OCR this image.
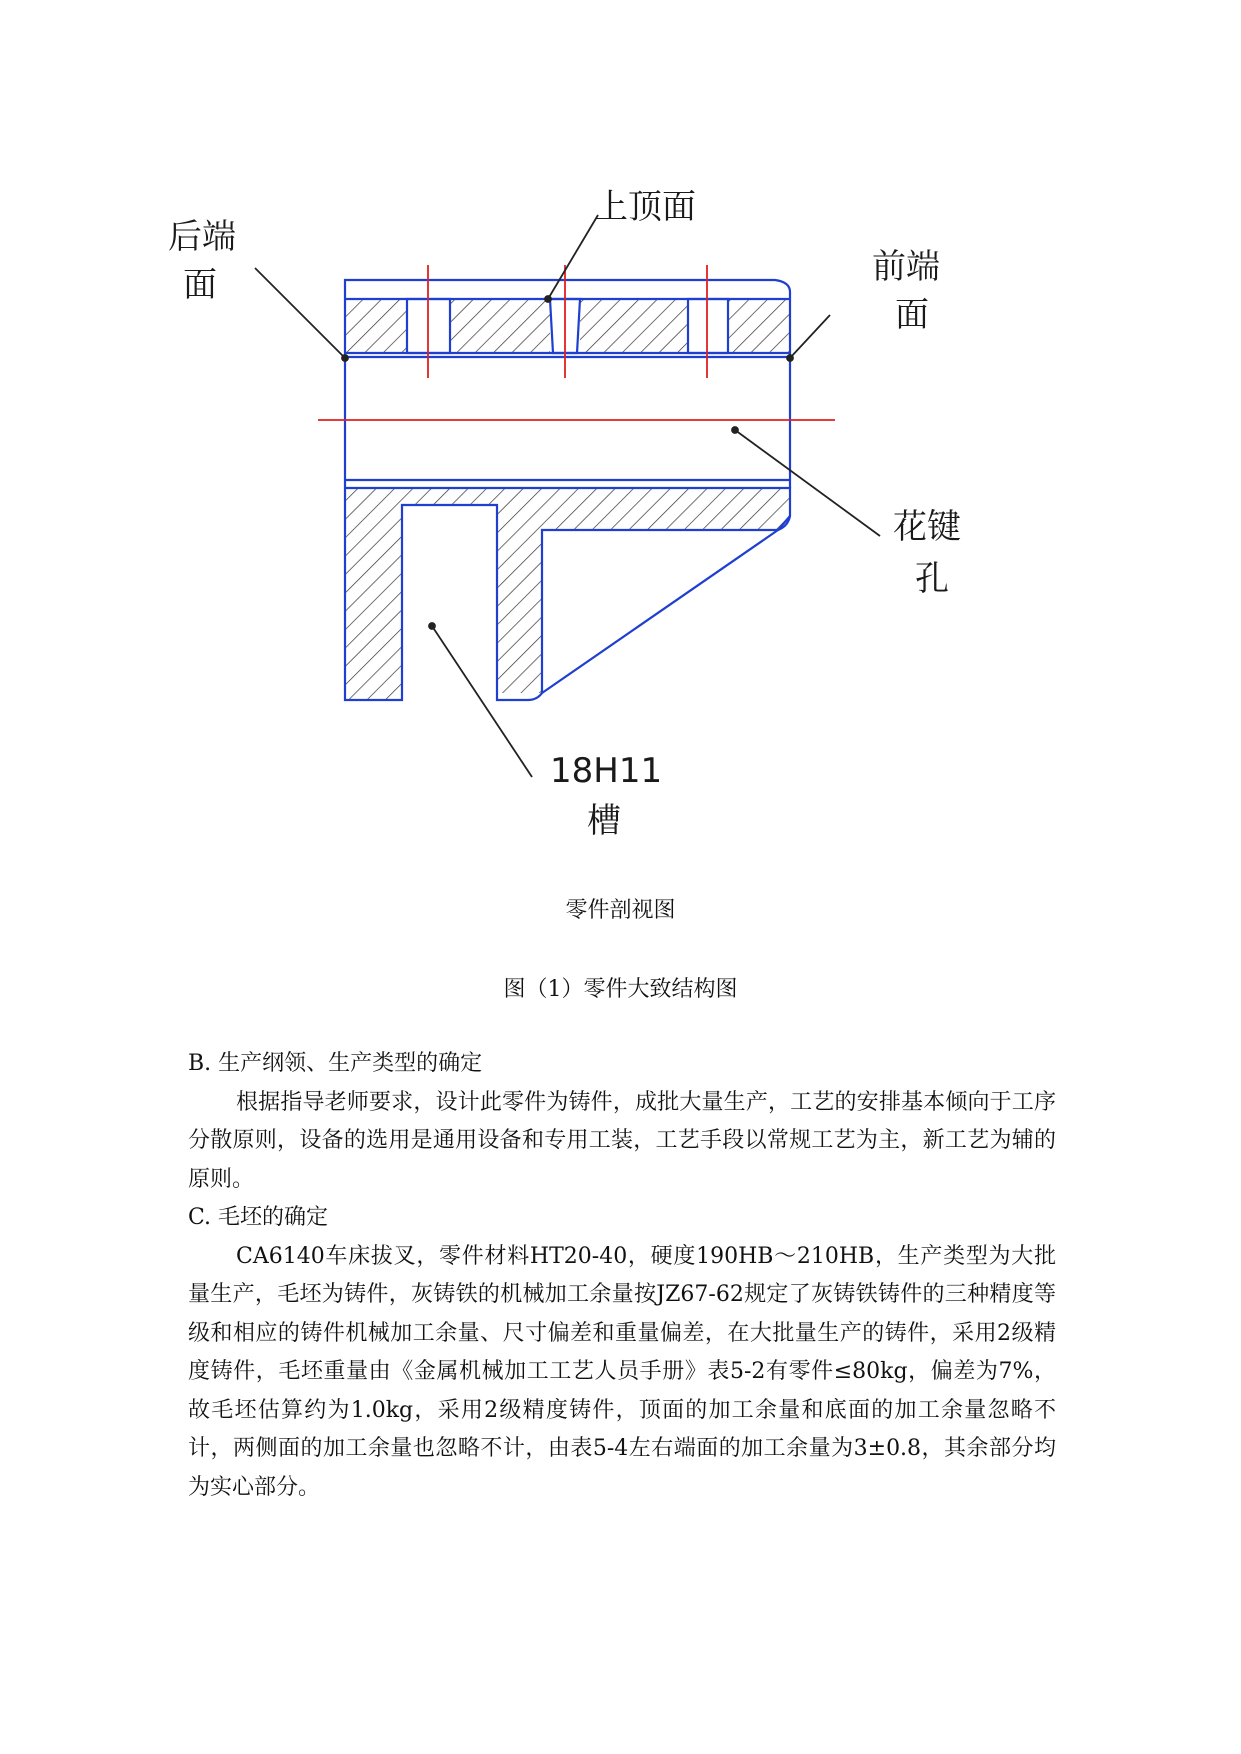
后端
面
上顶面
前端
面
花键
孔
18H11
槽
零件剖视图
图（1）零件大致结构图

B. 生产纲领、生产类型的确定

根据指导老师要求，设计此零件为铸件，成批大量生产，工艺的安排基本倾向于工序分散原则，设备的选用是通用设备和专用工装，工艺手段以常规工艺为主，新工艺为辅的原则。

C. 毛坯的确定

CA6140车床拔叉，零件材料HT20-40，硬度190HB～210HB，生产类型为大批量生产，毛坯为铸件，灰铸铁的机械加工余量按JZ67-62规定了灰铸铁铸件的三种精度等级和相应的铸件机械加工余量、尺寸偏差和重量偏差，在大批量生产的铸件，采用2级精度铸件，毛坯重量由《金属机械加工工艺人员手册》表5-2有零件≤80kg，偏差为7%，故毛坯估算约为1.0kg，采用2级精度铸件，顶面的加工余量和底面的加工余量忽略不计，两侧面的加工余量也忽略不计，由表5-4左右端面的加工余量为3±0.8，其余部分均为实心部分。
